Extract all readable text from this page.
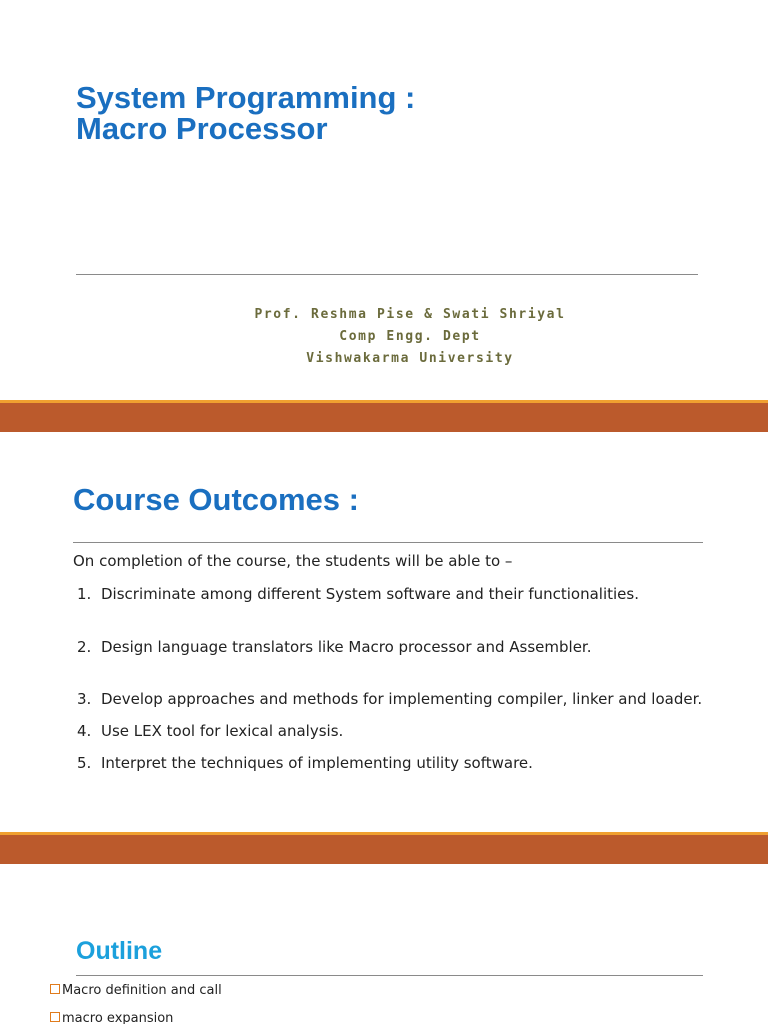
System Programming :
Macro Processor
Prof. Reshma Pise & Swati Shriyal
Comp Engg. Dept
Vishwakarma University
Course Outcomes :
On completion of the course, the students will be able to –
1. Discriminate among different System software and their functionalities.
2. Design language translators like Macro processor and Assembler.
3. Develop approaches and methods for implementing compiler, linker and loader.
4. Use LEX tool for lexical analysis.
5. Interpret the techniques of implementing utility software.
Outline
Macro definition and call
macro expansion
